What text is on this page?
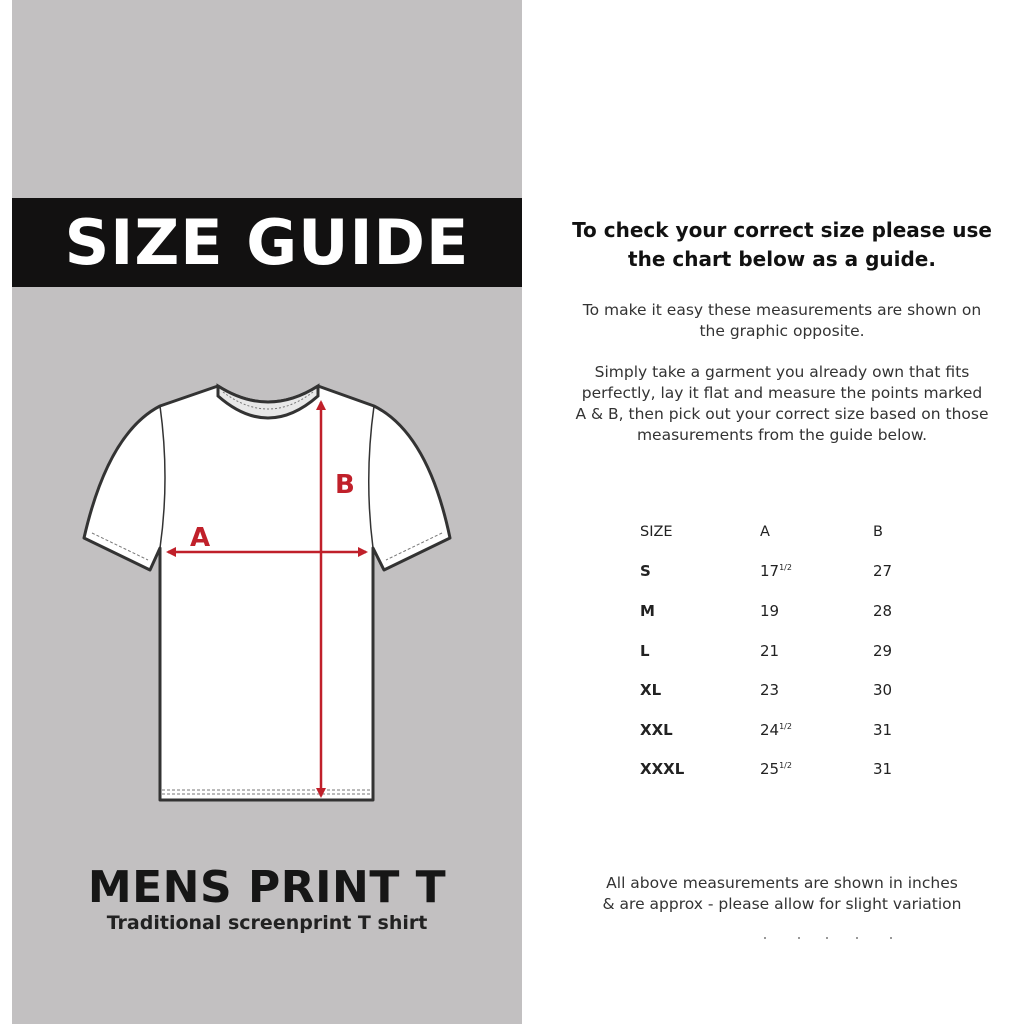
SIZE GUIDE
A
B
MENS PRINT T
Traditional screenprint T shirt
To check your correct size please use
the chart below as a guide.
To make it easy these measurements are shown on
the graphic opposite.
Simply take a garment you already own that fits
perfectly, lay it flat and measure the points marked
A & B, then pick out your correct size based on those
measurements from the guide below.
SIZE	A	B
S	$17^{1/2}$	27
M	19	28
L	21	29
XL	23	30
XXL	$24^{1/2}$	31
XXXL	$25^{1/2}$	31
All above measurements are shown in inches
& are approx - please allow for slight variation
